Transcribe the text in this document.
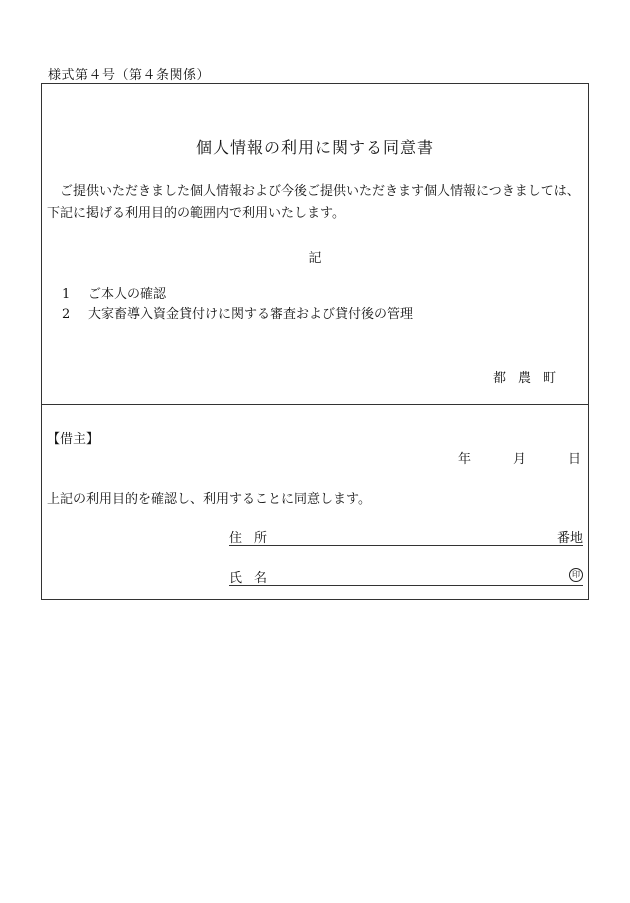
様式第４号（第４条関係）
個人情報の利用に関する同意書
ご提供いただきました個人情報および今後ご提供いただきます個人情報につきましては、下記に掲げる利用目的の範囲内で利用いたします。
記
1 ご本人の確認
2 大家畜導入資金貸付けに関する審査および貸付後の管理
都農町
【借主】
年	月	日
上記の利用目的を確認し、利用することに同意します。
住所	番地
氏名	印
